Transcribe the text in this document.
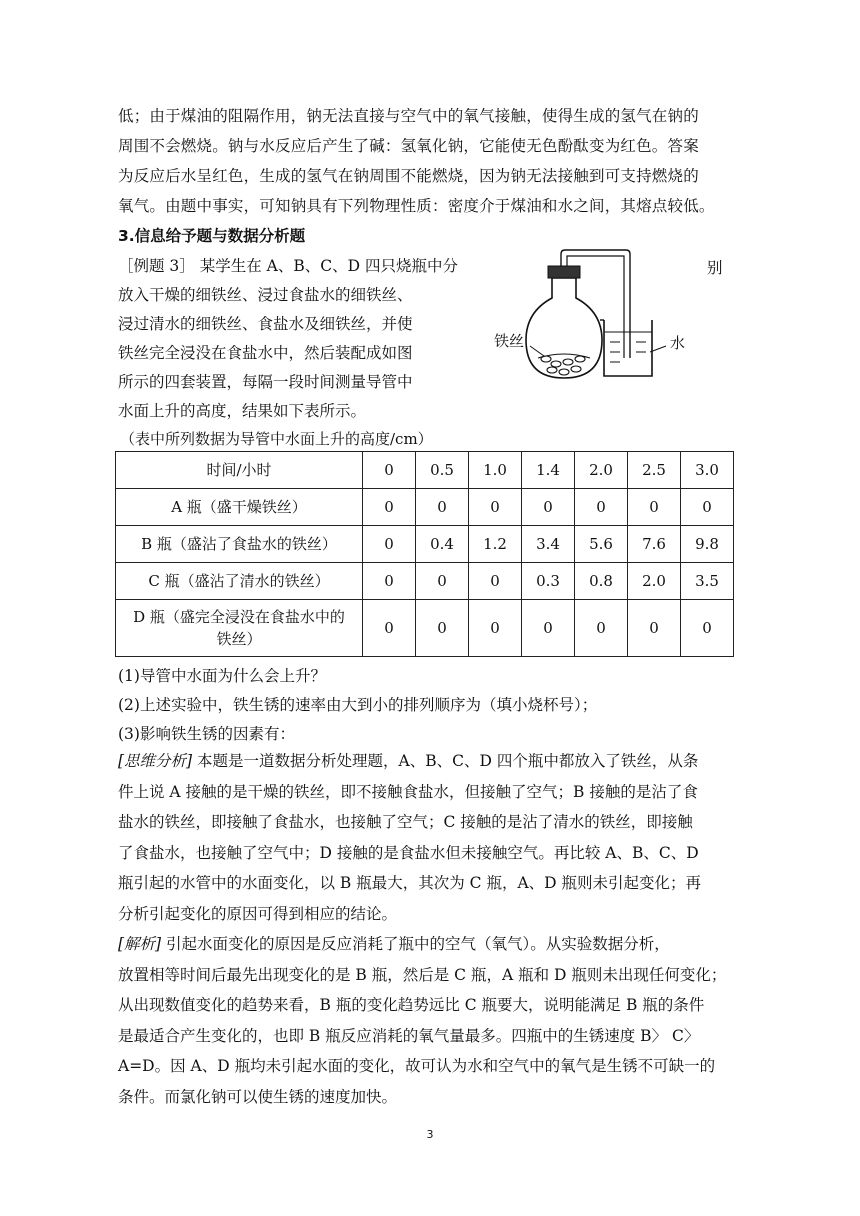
低；由于煤油的阻隔作用，钠无法直接与空气中的氧气接触，使得生成的氢气在钠的
周围不会燃烧。钠与水反应后产生了碱：氢氧化钠，它能使无色酚酞变为红色。答案
为反应后水呈红色，生成的氢气在钠周围不能燃烧，因为钠无法接触到可支持燃烧的
氧气。由题中事实，可知钠具有下列物理性质：密度介于煤油和水之间，其熔点较低。
3.信息给予题与数据分析题
［例题 3］ 某学生在 A、B、C、D 四只烧瓶中分
放入干燥的细铁丝、浸过食盐水的细铁丝、
浸过清水的细铁丝、食盐水及细铁丝，并使
铁丝完全浸没在食盐水中，然后装配成如图
所示的四套装置，每隔一段时间测量导管中
水面上升的高度，结果如下表所示。
别
铁丝	水
（表中所列数据为导管中水面上升的高度/cm）
时间/小时	0	0.5	1.0	1.4	2.0	2.5	3.0
A 瓶（盛干燥铁丝）	0	0	0	0	0	0	0
B 瓶（盛沾了食盐水的铁丝）	0	0.4	1.2	3.4	5.6	7.6	9.8
C 瓶（盛沾了清水的铁丝）	0	0	0	0.3	0.8	2.0	3.5
D 瓶（盛完全浸没在食盐水中的
铁丝）	0	0	0	0	0	0	0
(1)导管中水面为什么会上升？
(2)上述实验中，铁生锈的速率由大到小的排列顺序为（填小烧杯号）；
(3)影响铁生锈的因素有：
[思维分析] 本题是一道数据分析处理题，A、B、C、D 四个瓶中都放入了铁丝，从条
件上说 A 接触的是干燥的铁丝，即不接触食盐水，但接触了空气；B 接触的是沾了食
盐水的铁丝，即接触了食盐水，也接触了空气；C 接触的是沾了清水的铁丝，即接触
了食盐水，也接触了空气中；D 接触的是食盐水但未接触空气。再比较 A、B、C、D
瓶引起的水管中的水面变化，以 B 瓶最大，其次为 C 瓶，A、D 瓶则未引起变化；再
分析引起变化的原因可得到相应的结论。
[解析] 引起水面变化的原因是反应消耗了瓶中的空气（氧气）。从实验数据分析，
放置相等时间后最先出现变化的是 B 瓶，然后是 C 瓶，A 瓶和 D 瓶则未出现任何变化；
从出现数值变化的趋势来看，B 瓶的变化趋势远比 C 瓶要大，说明能满足 B 瓶的条件
是最适合产生变化的，也即 B 瓶反应消耗的氧气量最多。四瓶中的生锈速度 B〉 C〉
A=D。因 A、D 瓶均未引起水面的变化，故可认为水和空气中的氧气是生锈不可缺一的
条件。而氯化钠可以使生锈的速度加快。
3
